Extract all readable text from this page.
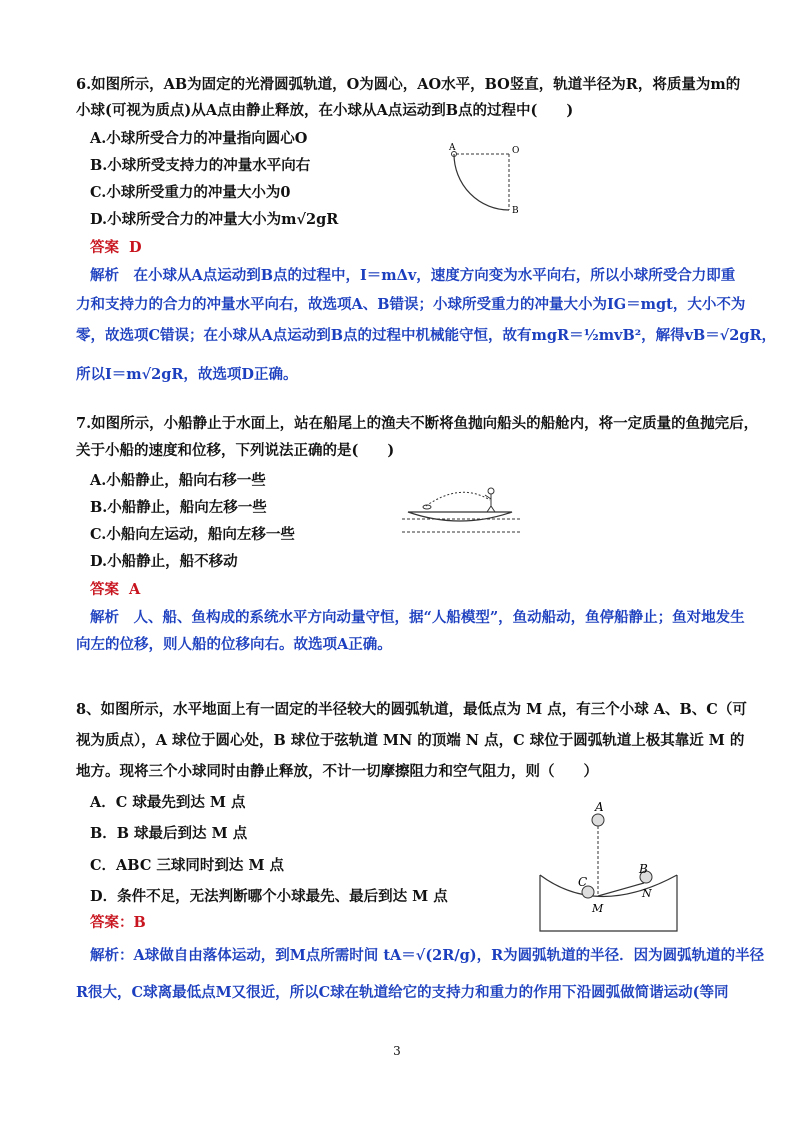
6.如图所示，AB为固定的光滑圆弧轨道，O为圆心，AO水平，BO竖直，轨道半径为R，将质量为m的
小球(可视为质点)从A点由静止释放，在小球从A点运动到B点的过程中(　　)
A.小球所受合力的冲量指向圆心O
B.小球所受支持力的冲量水平向右
C.小球所受重力的冲量大小为0
D.小球所受合力的冲量大小为m√2gR
答案 D
解析　在小球从A点运动到B点的过程中，I＝mΔv，速度方向变为水平向右，所以小球所受合力即重
力和支持力的合力的冲量水平向右，故选项A、B错误；小球所受重力的冲量大小为IG＝mgt，大小不为
零，故选项C错误；在小球从A点运动到B点的过程中机械能守恒，故有mgR＝½mvB²，解得vB＝√2gR，
所以I＝m√2gR，故选项D正确。
A	O
B
7.如图所示，小船静止于水面上，站在船尾上的渔夫不断将鱼抛向船头的船舱内，将一定质量的鱼抛完后，
关于小船的速度和位移，下列说法正确的是(　　)
A.小船静止，船向右移一些
B.小船静止，船向左移一些
C.小船向左运动，船向左移一些
D.小船静止，船不移动
答案 A
解析　人、船、鱼构成的系统水平方向动量守恒，据“人船模型”，鱼动船动，鱼停船静止；鱼对地发生
向左的位移，则人船的位移向右。故选项A正确。
8、如图所示，水平地面上有一固定的半径较大的圆弧轨道，最低点为 M 点，有三个小球 A、B、C（可
视为质点），A 球位于圆心处，B 球位于弦轨道 MN 的顶端 N 点，C 球位于圆弧轨道上极其靠近 M 的
地方。现将三个小球同时由静止释放，不计一切摩擦阻力和空气阻力，则（　　）
A．C 球最先到达 M 点
B．B 球最后到达 M 点
C．ABC 三球同时到达 M 点
D．条件不足，无法判断哪个小球最先、最后到达 M 点
答案：B
解析：A球做自由落体运动，到M点所需时间 tA＝√(2R/g)，R为圆弧轨道的半径．因为圆弧轨道的半径
R很大，C球离最低点M又很近，所以C球在轨道给它的支持力和重力的作用下沿圆弧做简谐运动(等同
A
B
C
M
N
3
